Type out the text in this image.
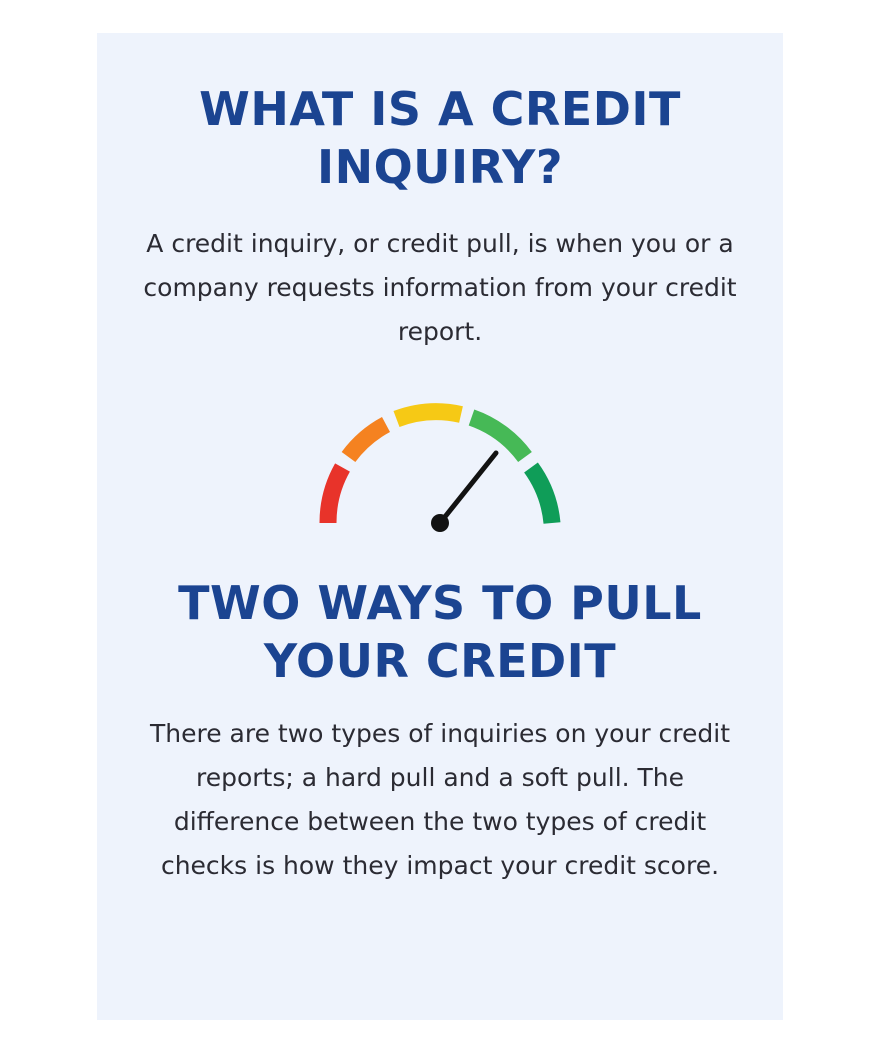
WHAT IS A CREDIT INQUIRY?

A credit inquiry, or credit pull, is when you or a company requests information from your credit report.

TWO WAYS TO PULL YOUR CREDIT

There are two types of inquiries on your credit reports; a hard pull and a soft pull. The difference between the two types of credit checks is how they impact your credit score.
